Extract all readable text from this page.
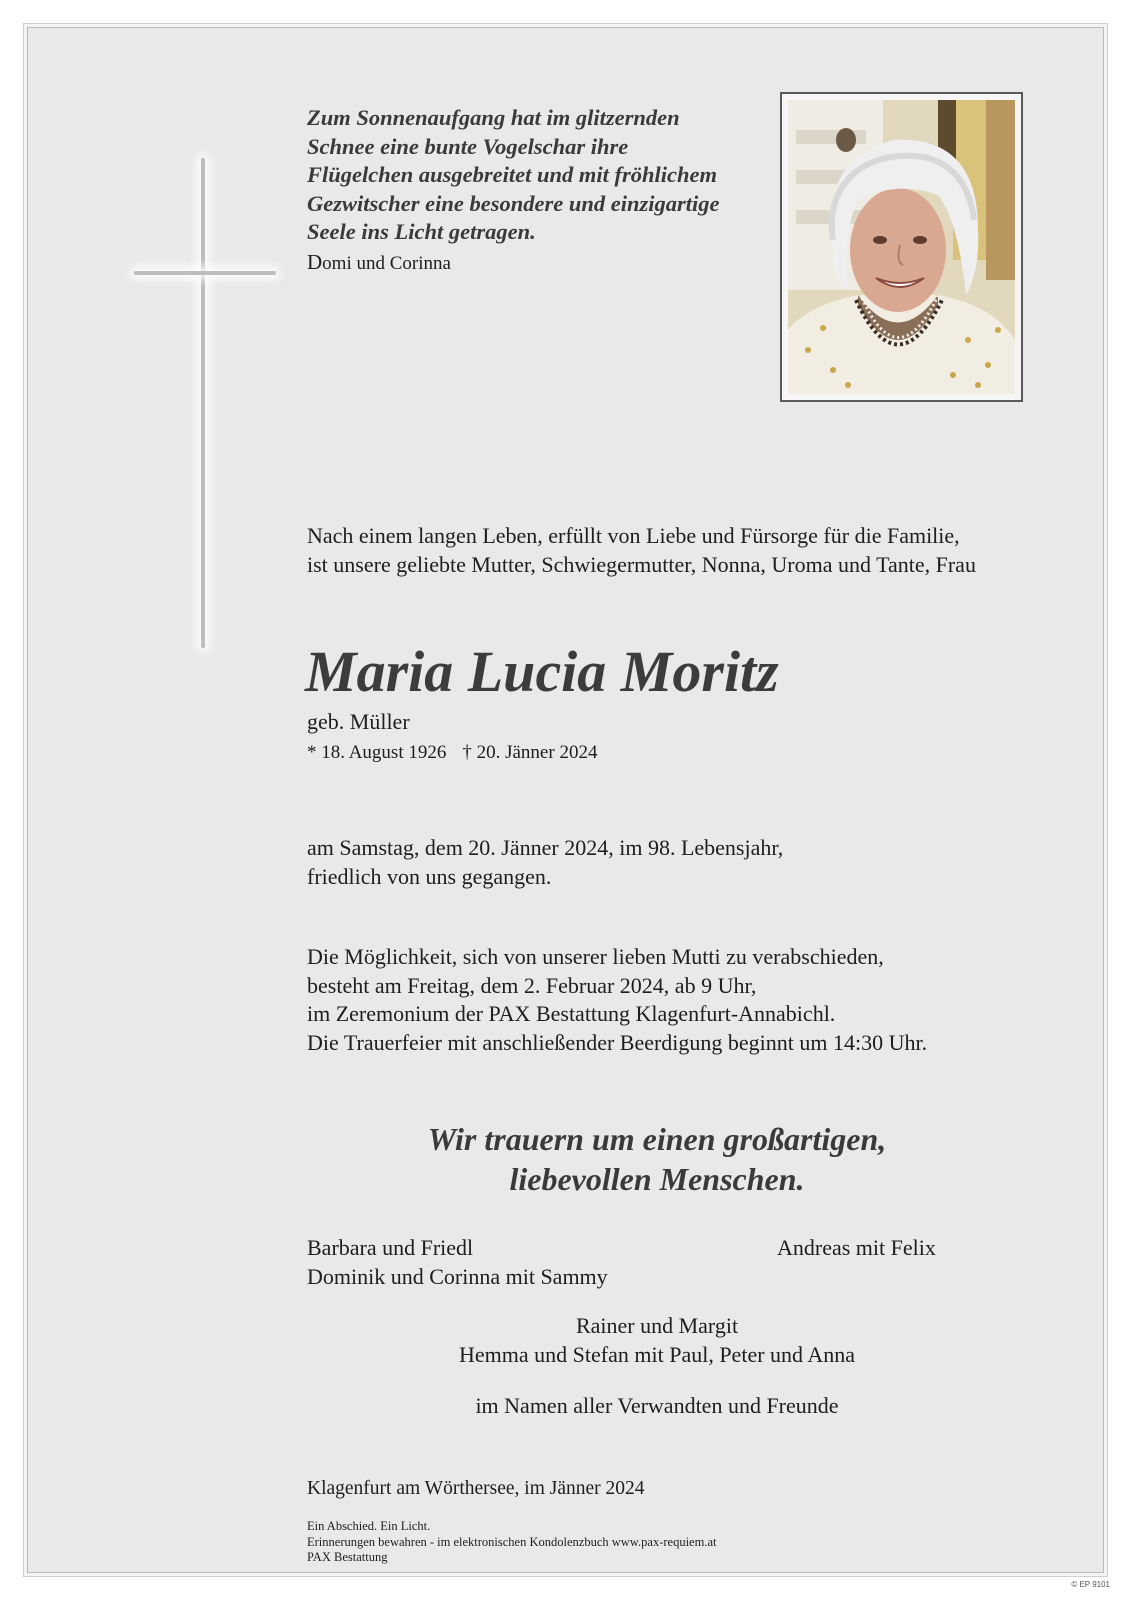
Zum Sonnenaufgang hat im glitzernden
Schnee eine bunte Vogelschar ihre
Flügelchen ausgebreitet und mit fröhlichem
Gezwitscher eine besondere und einzigartige
Seele ins Licht getragen.
Domi und Corinna
Nach einem langen Leben, erfüllt von Liebe und Fürsorge für die Familie,
ist unsere geliebte Mutter, Schwiegermutter, Nonna, Uroma und Tante, Frau
Maria Lucia Moritz
geb. Müller
* 18. August 1926 † 20. Jänner 2024
am Samstag, dem 20. Jänner 2024, im 98. Lebensjahr,
friedlich von uns gegangen.
Die Möglichkeit, sich von unserer lieben Mutti zu verabschieden,
besteht am Freitag, dem 2. Februar 2024, ab 9 Uhr,
im Zeremonium der PAX Bestattung Klagenfurt-Annabichl.
Die Trauerfeier mit anschließender Beerdigung beginnt um 14:30 Uhr.
Wir trauern um einen großartigen,
liebevollen Menschen.
Barbara und Friedl
Dominik und Corinna mit Sammy
Andreas mit Felix
Rainer und Margit
Hemma und Stefan mit Paul, Peter und Anna
im Namen aller Verwandten und Freunde
Klagenfurt am Wörthersee, im Jänner 2024
Ein Abschied. Ein Licht.
Erinnerungen bewahren - im elektronischen Kondolenzbuch www.pax-requiem.at
PAX Bestattung
© EP 9101
